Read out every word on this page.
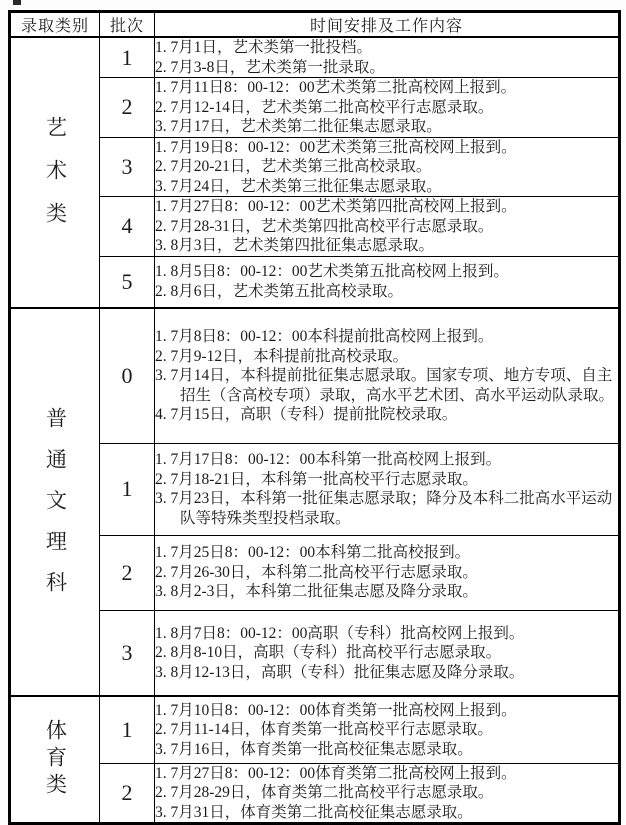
录取类别	批次	时间安排及工作内容
艺术类	1	1. 7月1日，艺术类第一批投档。
2. 7月3-8日，艺术类第一批录取。

	2	1. 7月11日8：00-12：00艺术类第二批高校网上报到。
2. 7月12-14日，艺术类第二批高校平行志愿录取。
3. 7月17日，艺术类第二批征集志愿录取。

	3	1. 7月19日8：00-12：00艺术类第三批高校网上报到。
2. 7月20-21日，艺术类第三批高校录取。
3. 7月24日，艺术类第三批征集志愿录取。

	4	1. 7月27日8：00-12：00艺术类第四批高校网上报到。
2. 7月28-31日，艺术类第四批高校平行志愿录取。
3. 8月3日，艺术类第四批征集志愿录取。

	5	1. 8月5日8：00-12：00艺术类第五批高校网上报到。
2. 8月6日，艺术类第五批高校录取。

普通文理科	0	1. 7月8日8：00-12：00本科提前批高校网上报到。
2. 7月9-12日，本科提前批高校录取。
3. 7月14日，本科提前批征集志愿录取。国家专项、地方专项、自主招生（含高校专项）录取，高水平艺术团、高水平运动队录取。
4. 7月15日，高职（专科）提前批院校录取。

	1	1. 7月17日8：00-12：00本科第一批高校网上报到。
2. 7月18-21日，本科第一批高校平行志愿录取。
3. 7月23日，本科第一批征集志愿录取；降分及本科二批高水平运动队等特殊类型投档录取。

	2	1. 7月25日8：00-12：00本科第二批高校报到。
2. 7月26-30日，本科第二批高校平行志愿录取。
3. 8月2-3日，本科第二批征集志愿及降分录取。

	3	1. 8月7日8：00-12：00高职（专科）批高校网上报到。
2. 8月8-10日，高职（专科）批高校平行志愿录取。
3. 8月12-13日，高职（专科）批征集志愿及降分录取。

体育类	1	1. 7月10日8：00-12：00体育类第一批高校网上报到。
2. 7月11-14日，体育类第一批高校平行志愿录取。
3. 7月16日，体育类第一批高校征集志愿录取。

	2	1. 7月27日8：00-12：00体育类第二批高校网上报到。
2. 7月28-29日，体育类第二批高校平行志愿录取。
3. 7月31日，体育类第二批高校征集志愿录取。
